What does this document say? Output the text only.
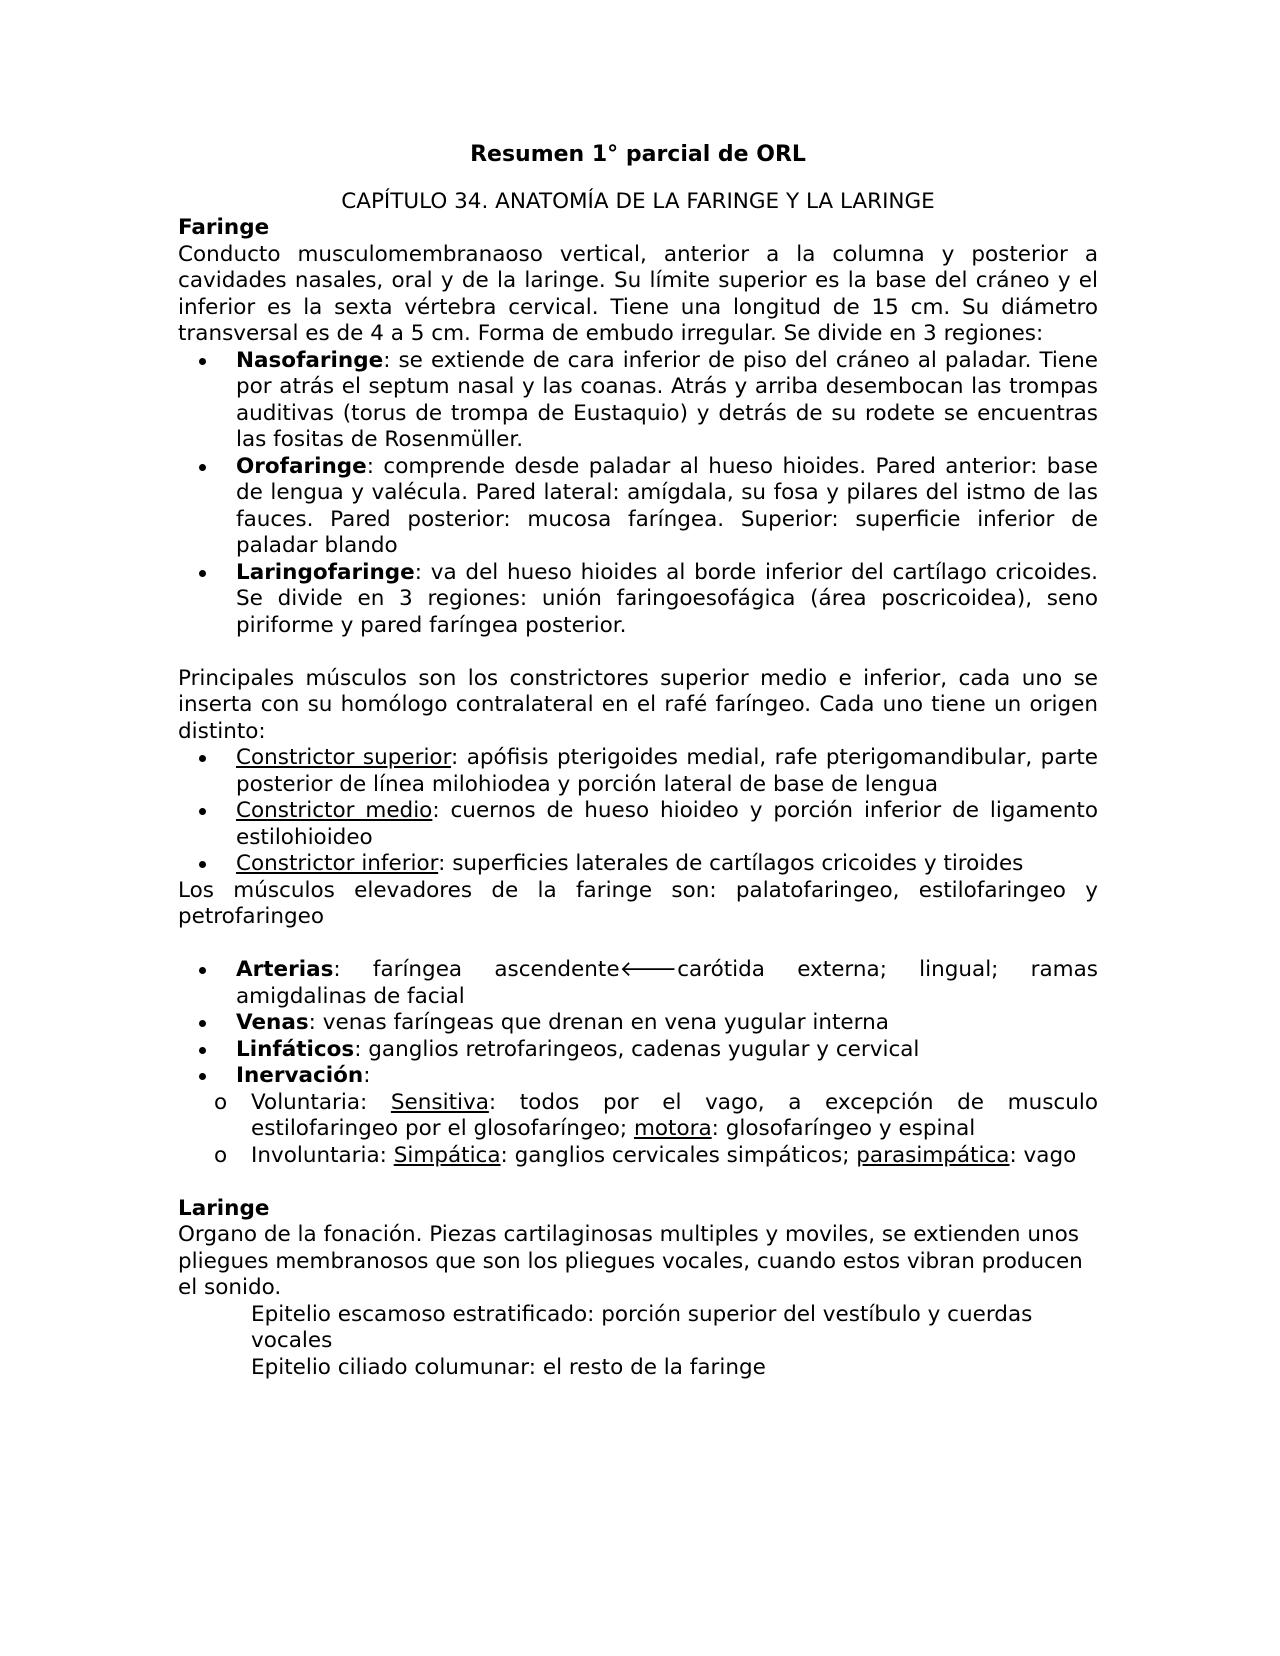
Resumen 1° parcial de ORL

CAPÍTULO 34. ANATOMÍA DE LA FARINGE Y LA LARINGE

Faringe

Conducto musculomembranaoso vertical, anterior a la columna y posterior a cavidades nasales, oral y de la laringe. Su límite superior es la base del cráneo y el inferior es la sexta vértebra cervical. Tiene una longitud de 15 cm. Su diámetro transversal es de 4 a 5 cm. Forma de embudo irregular. Se divide en 3 regiones:

Nasofaringe: se extiende de cara inferior de piso del cráneo al paladar. Tiene por atrás el septum nasal y las coanas. Atrás y arriba desembocan las trompas auditivas (torus de trompa de Eustaquio) y detrás de su rodete se encuentras las fositas de Rosenmüller.
Orofaringe: comprende desde paladar al hueso hioides. Pared anterior: base de lengua y valécula. Pared lateral: amígdala, su fosa y pilares del istmo de las fauces. Pared posterior: mucosa faríngea. Superior: superficie inferior de paladar blando
Laringofaringe: va del hueso hioides al borde inferior del cartílago cricoides. Se divide en 3 regiones: unión faringoesofágica (área poscricoidea), seno piriforme y pared faríngea posterior.

Principales músculos son los constrictores superior medio e inferior, cada uno se inserta con su homólogo contralateral en el rafé faríngeo. Cada uno tiene un origen distinto:

Constrictor superior: apófisis pterigoides medial, rafe pterigomandibular, parte posterior de línea milohiodea y porción lateral de base de lengua
Constrictor medio: cuernos de hueso hioideo y porción inferior de ligamento estilohioideo
Constrictor inferior: superficies laterales de cartílagos cricoides y tiroides

Los músculos elevadores de la faringe son: palatofaringeo, estilofaringeo y petrofaringeo

Arterias: faríngea ascendente🡐carótida externa; lingual; ramas amigdalinas de facial
Venas: venas faríngeas que drenan en vena yugular interna
Linfáticos: ganglios retrofaringeos, cadenas yugular y cervical
Inervación:
o Voluntaria: Sensitiva: todos por el vago, a excepción de musculo estilofaringeo por el glosofaríngeo; motora: glosofaríngeo y espinal
o Involuntaria: Simpática: ganglios cervicales simpáticos; parasimpática: vago

Laringe

Organo de la fonación. Piezas cartilaginosas multiples y moviles, se extienden unos pliegues membranosos que son los pliegues vocales, cuando estos vibran producen el sonido.

Epitelio escamoso estratificado: porción superior del vestíbulo y cuerdas vocales

Epitelio ciliado columunar: el resto de la faringe
